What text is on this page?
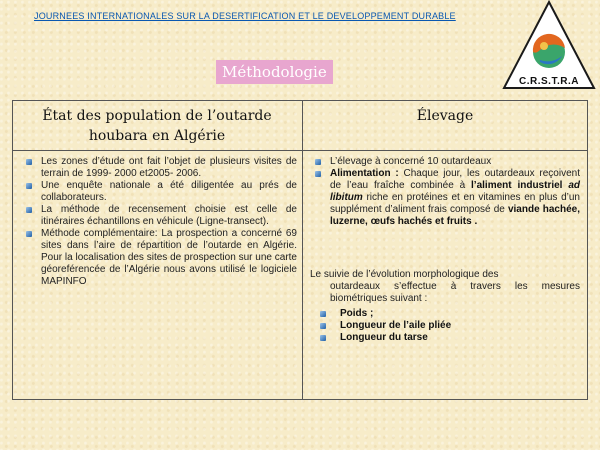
JOURNEES INTERNATIONALES SUR LA DESERTIFICATION ET LE DEVELOPPEMENT DURABLE
C.R.S.T.R.A
Méthodologie
État des population de l’outarde
houbara en Algérie
Élevage
Les zones d’étude ont fait l’objet de plusieurs visites de terrain de 1999- 2000 et2005- 2006.
Une enquête nationale a été diligentée au prés de collaborateurs.
La méthode de recensement choisie est celle de itinéraires échantillons en véhicule (Ligne-transect).
Méthode complémentaire: La prospection a concerné 69 sites dans l’aire de répartition de l’outarde en Algérie. Pour la localisation des sites de prospection sur une carte géoreférencée de l’Algérie nous avons utilisé le logiciele MAPINFO
L’élevage à concerné 10 outardeaux
Alimentation : Chaque jour, les outardeaux reçoivent de l’eau fraîche combinée à l’aliment industriel ad libitum riche en protéines et en vitamines en plus d’un supplément d’aliment frais composé de viande hachée, luzerne, œufs hachés et fruits .
Le suivie de l’évolution morphologique des
outardeaux s’effectue à travers les mesures biométriques suivant :
Poids ;
Longueur de l’aile pliée
Longueur du tarse
